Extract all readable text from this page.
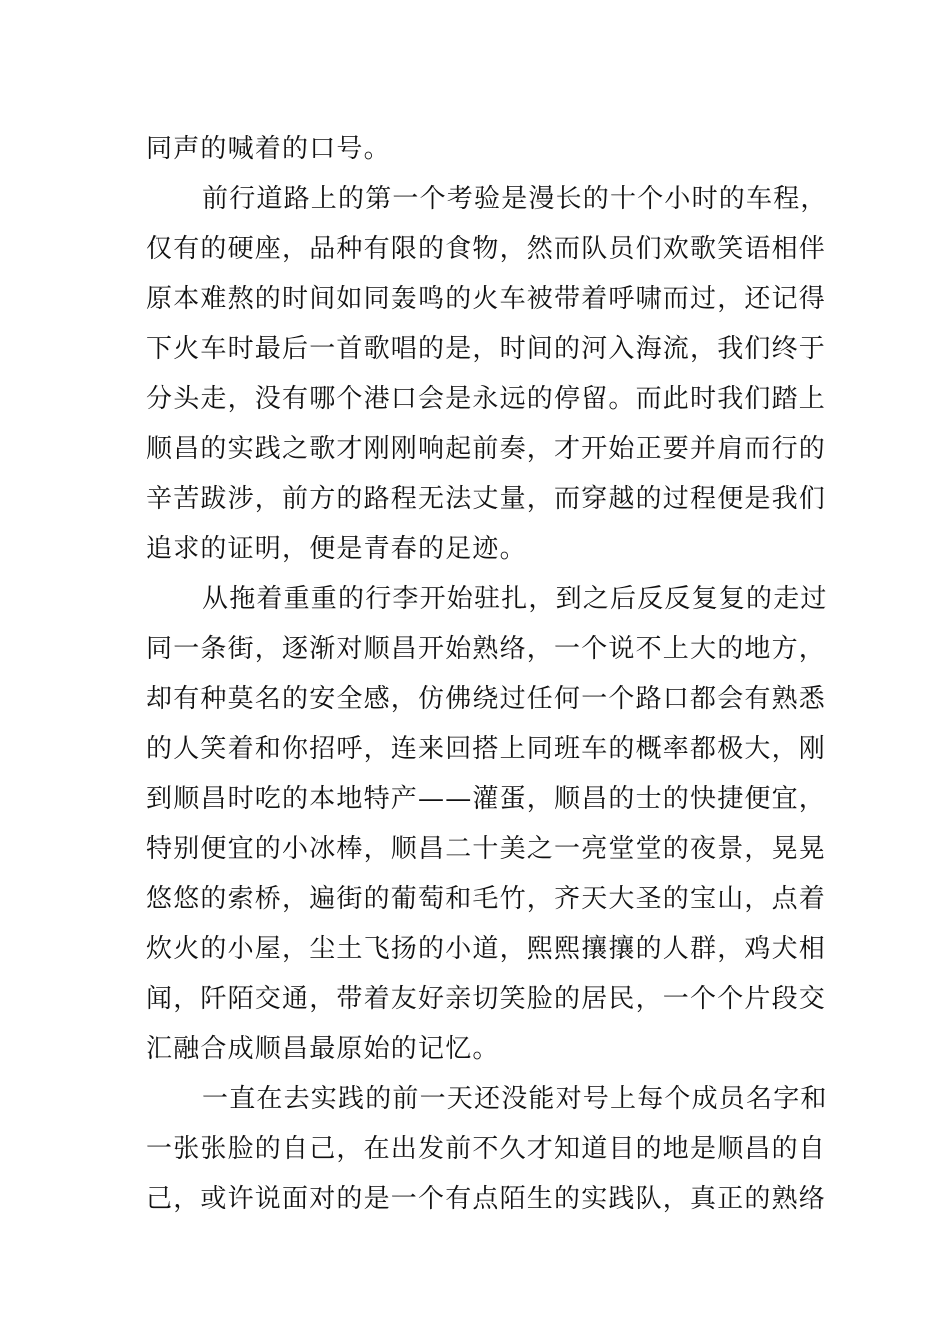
同声的喊着的口号。
前行道路上的第一个考验是漫长的十个小时的车程，
仅有的硬座，品种有限的食物，然而队员们欢歌笑语相伴
原本难熬的时间如同轰鸣的火车被带着呼啸而过，还记得
下火车时最后一首歌唱的是，时间的河入海流，我们终于
分头走，没有哪个港口会是永远的停留。而此时我们踏上
顺昌的实践之歌才刚刚响起前奏，才开始正要并肩而行的
辛苦跋涉，前方的路程无法丈量，而穿越的过程便是我们
追求的证明，便是青春的足迹。
从拖着重重的行李开始驻扎，到之后反反复复的走过
同一条街，逐渐对顺昌开始熟络，一个说不上大的地方，
却有种莫名的安全感，仿佛绕过任何一个路口都会有熟悉
的人笑着和你招呼，连来回搭上同班车的概率都极大，刚
到顺昌时吃的本地特产——灌蛋，顺昌的士的快捷便宜，
特别便宜的小冰棒，顺昌二十美之一亮堂堂的夜景，晃晃
悠悠的索桥，遍街的葡萄和毛竹，齐天大圣的宝山，点着
炊火的小屋，尘土飞扬的小道，熙熙攘攘的人群，鸡犬相
闻，阡陌交通，带着友好亲切笑脸的居民，一个个片段交
汇融合成顺昌最原始的记忆。
一直在去实践的前一天还没能对号上每个成员名字和
一张张脸的自己，在出发前不久才知道目的地是顺昌的自
己，或许说面对的是一个有点陌生的实践队，真正的熟络
